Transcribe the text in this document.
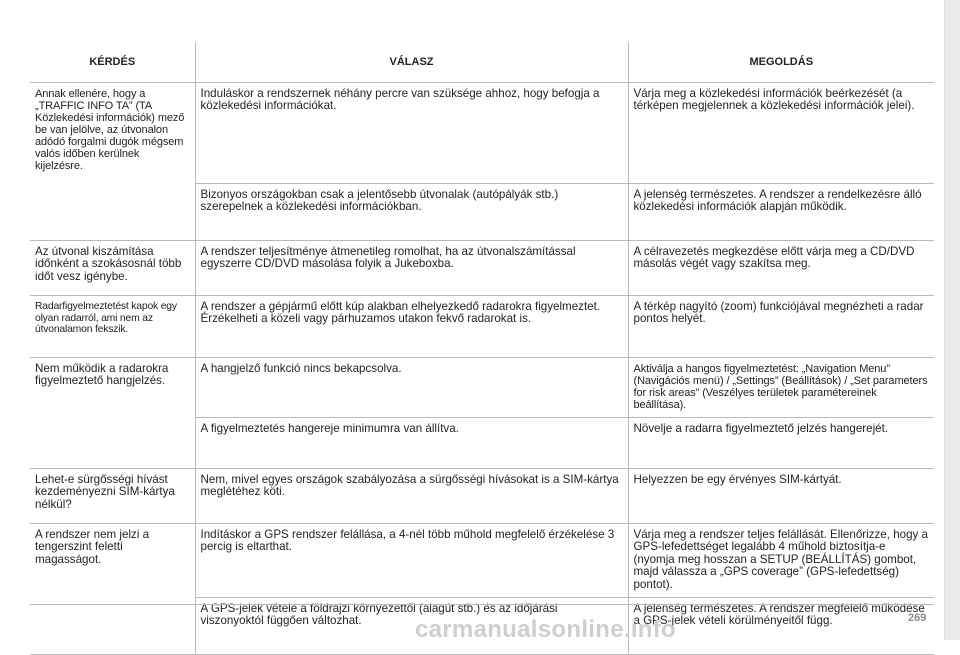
KÉRDÉS	VÁLASZ	MEGOLDÁS
Annak ellenére, hogy a „TRAFFIC INFO TA” (TA Közlekedési információk) mező be van jelölve, az útvonalon adódó forgalmi dugók mégsem valós időben kerülnek kijelzésre.	Induláskor a rendszernek néhány percre van szüksége ahhoz, hogy befogja a közlekedési információkat.	Várja meg a közlekedési információk beérkezését (a térképen megjelennek a közlekedési információk jelei).
	Bizonyos országokban csak a jelentősebb útvonalak (autópályák stb.) szerepelnek a közlekedési információkban.	A jelenség természetes. A rendszer a rendelkezésre álló közlekedési információk alapján működik.
Az útvonal kiszámítása időnként a szokásosnál több időt vesz igénybe.	A rendszer teljesítménye átmenetileg romolhat, ha az útvonalszámítással egyszerre CD/DVD másolása folyik a Jukeboxba.	A célravezetés megkezdése előtt várja meg a CD/DVD másolás végét vagy szakítsa meg.
Radarfigyelmeztetést kapok egy olyan radarról, ami nem az útvonalamon fekszik.	A rendszer a gépjármű előtt kúp alakban elhelyezkedő radarokra figyelmeztet. Érzékelheti a közeli vagy párhuzamos utakon fekvő radarokat is.	A térkép nagyító (zoom) funkciójával megnézheti a radar pontos helyét.
Nem működik a radarokra figyelmeztető hangjelzés.	A hangjelző funkció nincs bekapcsolva.	Aktiválja a hangos figyelmeztetést: „Navigation Menu” (Navigációs menü) / „Settings” (Beállítások) / „Set parameters for risk areas” (Veszélyes területek paramétereinek beállítása).
	A figyelmeztetés hangereje minimumra van állítva.	Növelje a radarra figyelmeztető jelzés hangerejét.
Lehet-e sürgősségi hívást kezdeményezni SIM-kártya nélkül?	Nem, mivel egyes országok szabályozása a sürgősségi hívásokat is a SIM-kártya meglétéhez köti.	Helyezzen be egy érvényes SIM-kártyát.
A rendszer nem jelzi a tengerszint feletti magasságot.	Indításkor a GPS rendszer felállása, a 4-nél több műhold megfelelő érzékelése 3 percig is eltarthat.	Várja meg a rendszer teljes felállását. Ellenőrizze, hogy a GPS-lefedettséget legalább 4 műhold biztosítja-e (nyomja meg hosszan a SETUP (BEÁLLÍTÁS) gombot, majd válassza a „GPS coverage” (GPS-lefedettség) pontot).
	A GPS-jelek vétele a földrajzi környezettől (alagút stb.) és az időjárási viszonyoktól függően változhat.	A jelenség természetes. A rendszer megfelelő működése a GPS-jelek vételi körülményeitől függ.	269
carmanualsonline.info
